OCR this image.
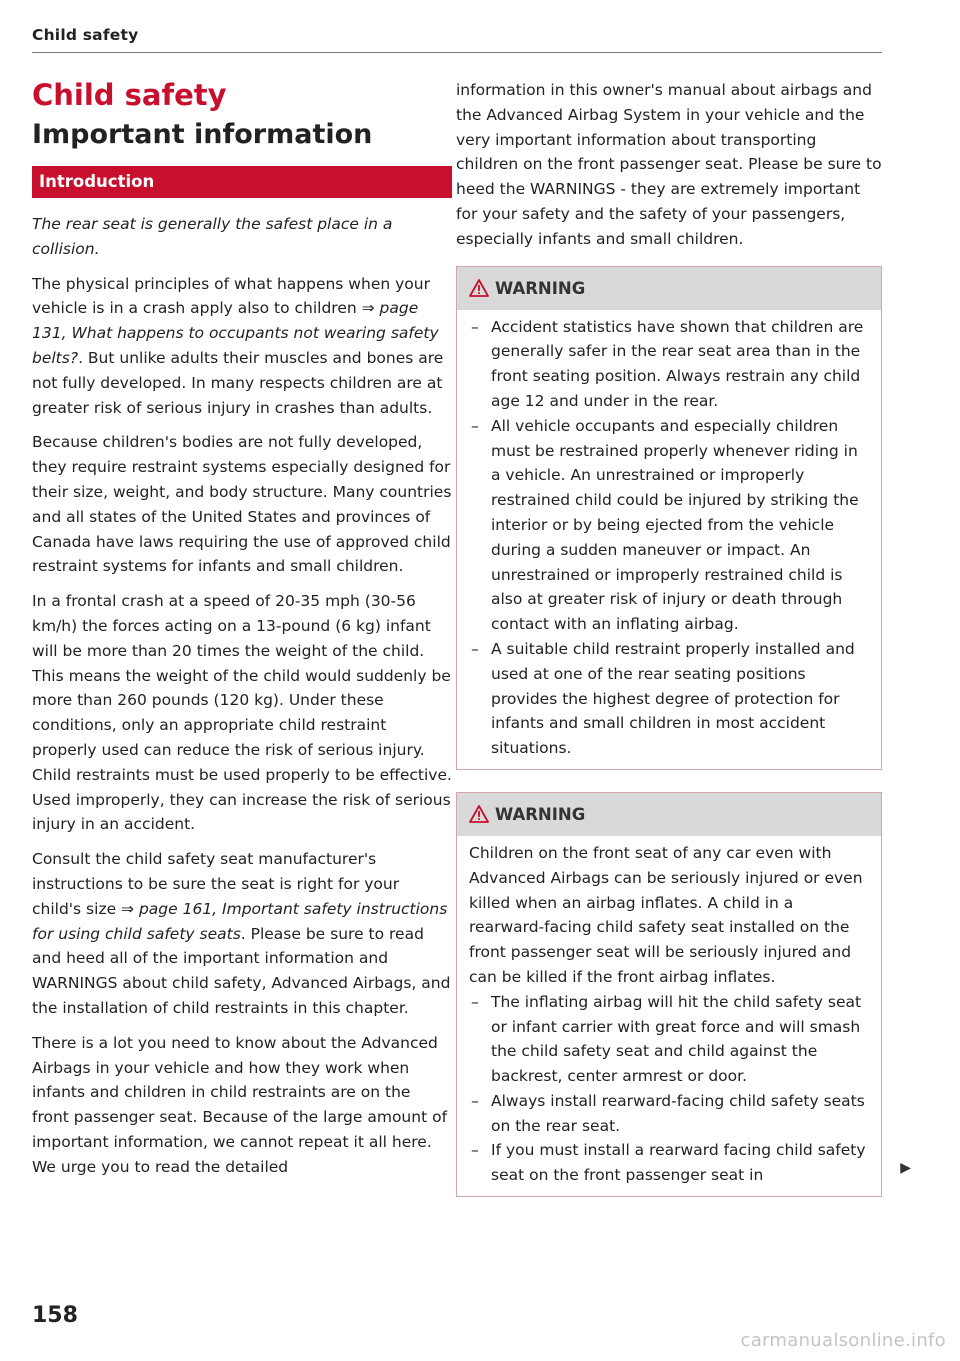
Child safety
Child safety
Important information
Introduction

The rear seat is generally the safest place in a collision.

The physical principles of what happens when your vehicle is in a crash apply also to children ⇒ page 131, What happens to occupants not wearing safety belts?. But unlike adults their muscles and bones are not fully developed. In many respects children are at greater risk of serious injury in crashes than adults.

Because children's bodies are not fully developed, they require restraint systems especially designed for their size, weight, and body structure. Many countries and all states of the United States and provinces of Canada have laws requiring the use of approved child restraint systems for infants and small children.

In a frontal crash at a speed of 20-35 mph (30-56 km/h) the forces acting on a 13-pound (6 kg) infant will be more than 20 times the weight of the child. This means the weight of the child would suddenly be more than 260 pounds (120 kg). Under these conditions, only an appropriate child restraint properly used can reduce the risk of serious injury. Child restraints must be used properly to be effective. Used improperly, they can increase the risk of serious injury in an accident.

Consult the child safety seat manufacturer's instructions to be sure the seat is right for your child's size ⇒ page 161, Important safety instructions for using child safety seats. Please be sure to read and heed all of the important information and WARNINGS about child safety, Advanced Airbags, and the installation of child restraints in this chapter.

There is a lot you need to know about the Advanced Airbags in your vehicle and how they work when infants and children in child restraints are on the front passenger seat. Because of the large amount of important information, we cannot repeat it all here. We urge you to read the detailed

information in this owner's manual about airbags and the Advanced Airbag System in your vehicle and the very important information about transporting children on the front passenger seat. Please be sure to heed the WARNINGS - they are extremely important for your safety and the safety of your passengers, especially infants and small children.

WARNING
– Accident statistics have shown that children are generally safer in the rear seat area than in the front seating position. Always restrain any child age 12 and under in the rear.
– All vehicle occupants and especially children must be restrained properly whenever riding in a vehicle. An unrestrained or improperly restrained child could be injured by striking the interior or by being ejected from the vehicle during a sudden maneuver or impact. An unrestrained or improperly restrained child is also at greater risk of injury or death through contact with an inflating airbag.
– A suitable child restraint properly installed and used at one of the rear seating positions provides the highest degree of protection for infants and small children in most accident situations.
WARNING

Children on the front seat of any car even with Advanced Airbags can be seriously injured or even killed when an airbag inflates. A child in a rearward-facing child safety seat installed on the front passenger seat will be seriously injured and can be killed if the front airbag inflates.

– The inflating airbag will hit the child safety seat or infant carrier with great force and will smash the child safety seat and child against the backrest, center armrest or door.
– Always install rearward-facing child safety seats on the rear seat.
– If you must install a rearward facing child safety seat on the front passenger seat in	▶
158
carmanualsonline.info
